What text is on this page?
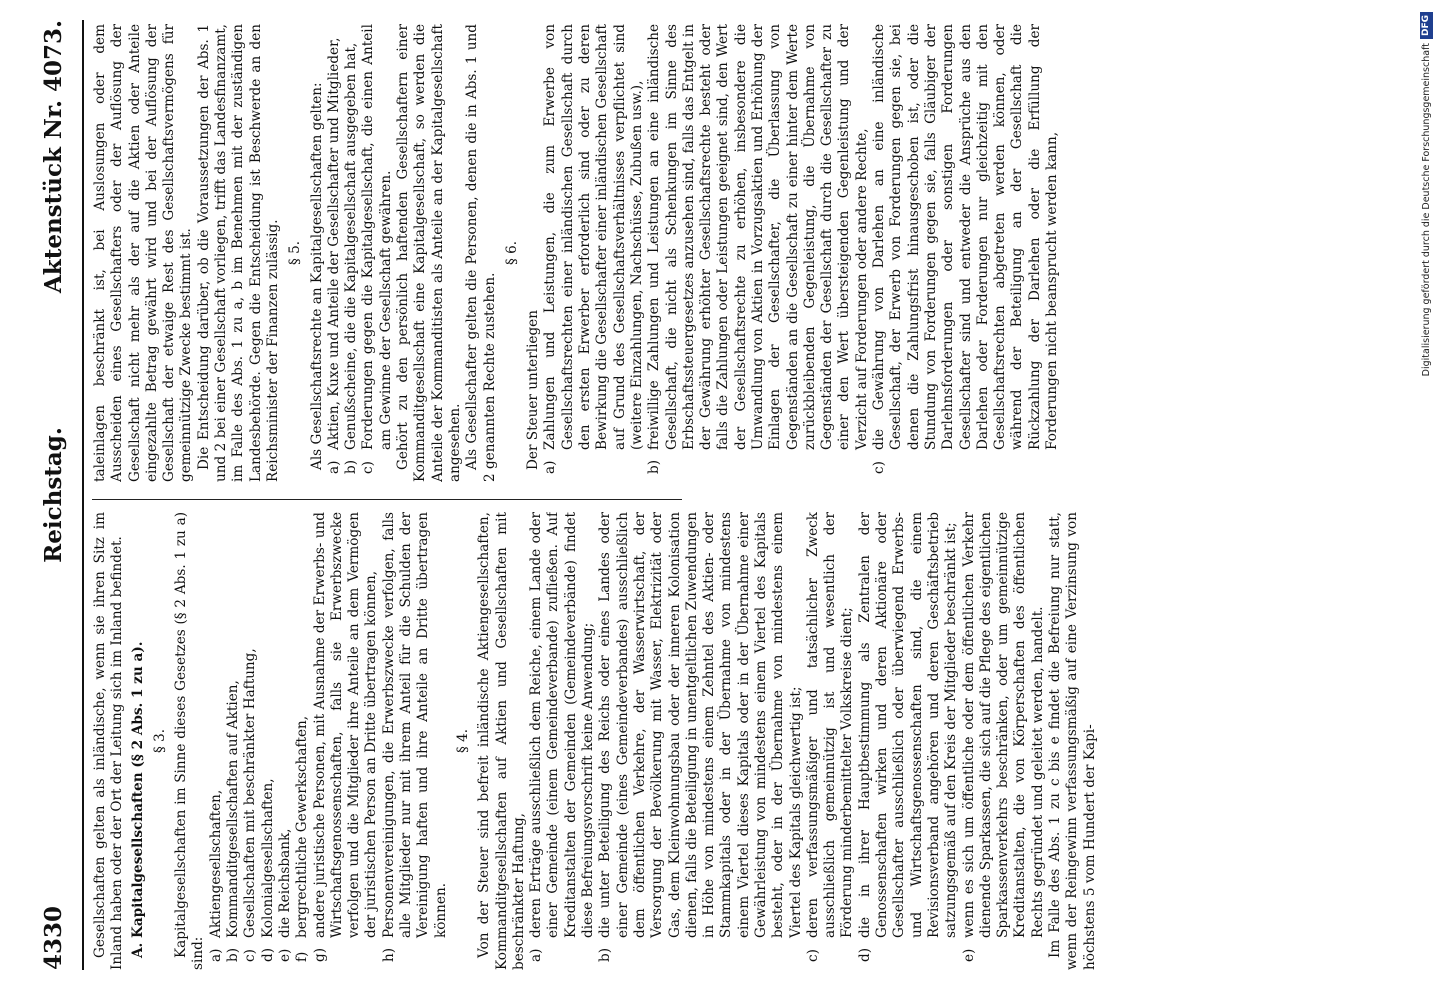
4330
Reichstag.
Aktenstück Nr. 4073.

Gesellschaften gelten als inländische, wenn sie ihren Sitz im Inland haben oder der Ort der Leitung sich im Inland befindet. A. Kapitalgesellschaften (§ 2 Abs. 1 zu a). § 3. Kapitalgesellschaften im Sinne dieses Gesetzes (§ 2 Abs. 1 zu a) sind: a)
Aktiengesellschaften,
b)
Kommanditgesellschaften auf Aktien,
c)
Gesellschaften mit beschränkter Haftung,
d)
Kolonialgesellschaften,
e)
die Reichsbank,
f)
bergrechtliche Gewerkschaften,
g)
andere juristische Personen, mit Ausnahme der Erwerbs- und Wirtschaftsgenossenschaften, falls sie Erwerbszwecke verfolgen und die Mitglieder ihre Anteile an dem Vermögen der juristischen Person an Dritte übertragen können,
h)
Personenvereinigungen, die Erwerbszwecke verfolgen, falls alle Mitglieder nur mit ihrem Anteil für die Schulden der Vereinigung haften und ihre Anteile an Dritte übertragen können.

§ 4. Von der Steuer sind befreit inländische Aktiengesellschaften, Kommanditgesellschaften auf Aktien und Gesellschaften mit beschränkter Haftung, a)
deren Erträge ausschließlich dem Reiche, einem Lande oder einer Gemeinde (einem Gemeindeverbande) zufließen. Auf Kreditanstalten der Gemeinden (Gemeindeverbände) findet diese Befreiungsvorschrift keine Anwendung;
b)
die unter Beteiligung des Reichs oder eines Landes oder einer Gemeinde (eines Gemeindeverbandes) ausschließlich dem öffentlichen Verkehre, der Wasserwirtschaft, der Versorgung der Bevölkerung mit Wasser, Elektrizität oder Gas, dem Kleinwohnungsbau oder der inneren Kolonisation dienen, falls die Beteiligung in unentgeltlichen Zuwendungen in Höhe von mindestens einem Zehntel des Aktien- oder Stammkapitals oder in der Übernahme von mindestens einem Viertel dieses Kapitals oder in der Übernahme einer Gewährleistung von mindestens einem Viertel des Kapitals besteht, oder in der Übernahme von mindestens einem Viertel des Kapitals gleichwertig ist;
c)
deren verfassungsmäßiger und tatsächlicher Zweck ausschließlich gemeinnützig ist und wesentlich der Förderung minderbemittelter Volkskreise dient;
d)
die in ihrer Hauptbestimmung als Zentralen der Genossenschaften wirken und deren Aktionäre oder Gesellschafter ausschließlich oder überwiegend Erwerbs- und Wirtschaftsgenossenschaften sind, die einem Revisionsverband angehören und deren Geschäftsbetrieb satzungsgemäß auf den Kreis der Mitglieder beschränkt ist;
e)
wenn es sich um öffentliche oder dem öffentlichen Verkehr dienende Sparkassen, die sich auf die Pflege des eigentlichen Sparkassenverkehrs beschränken, oder um gemeinnützige Kreditanstalten, die von Körperschaften des öffentlichen Rechts gegründet und geleitet werden, handelt. Im Falle des Abs. 1 zu c bis e findet die Befreiung nur statt, wenn der Reingewinn verfassungsmäßig auf eine Verzinsung von höchstens 5 vom Hundert der Kapi-

taleinlagen beschränkt ist, bei Auslosungen oder dem Ausscheiden eines Gesellschafters oder der Auflösung der Gesellschaft nicht mehr als der auf die Aktien oder Anteile eingezahlte Betrag gewährt wird und bei der Auflösung der Gesellschaft der etwaige Rest des Gesellschaftsvermögens für gemeinnützige Zwecke bestimmt ist. Die Entscheidung darüber, ob die Voraussetzungen der Abs. 1 und 2 bei einer Gesellschaft vorliegen, trifft das Landesfinanzamt, im Falle des Abs. 1 zu a, b im Benehmen mit der zuständigen Landesbehörde. Gegen die Entscheidung ist Beschwerde an den Reichsminister der Finanzen zulässig. § 5. Als Gesellschaftsrechte an Kapitalgesellschaften gelten: a)
Aktien, Kuxe und Anteile der Gesellschafter und Mitglieder,
b)
Genußscheine, die die Kapitalgesellschaft ausgegeben hat,
c)
Forderungen gegen die Kapitalgesellschaft, die einen Anteil am Gewinne der Gesellschaft gewähren. Gehört zu den persönlich haftenden Gesellschaftern einer Kommanditgesellschaft eine Kapitalgesellschaft, so werden die Anteile der Kommanditisten als Anteile an der Kapitalgesellschaft angesehen. Als Gesellschafter gelten die Personen, denen die in Abs. 1 und 2 genannten Rechte zustehen.

§ 6.

Der Steuer unterliegen a)
Zahlungen und Leistungen, die zum Erwerbe von Gesellschaftsrechten einer inländischen Gesellschaft durch den ersten Erwerber erforderlich sind oder zu deren Bewirkung die Gesellschafter einer inländischen Gesellschaft auf Grund des Gesellschaftsverhältnisses verpflichtet sind (weitere Einzahlungen, Nachschüsse, Zubußen usw.),
b)
freiwillige Zahlungen und Leistungen an eine inländische Gesellschaft, die nicht als Schenkungen im Sinne des Erbschaftssteuergesetzes anzusehen sind, falls das Entgelt in der Gewährung erhöhter Gesellschaftsrechte besteht oder falls die Zahlungen oder Leistungen geeignet sind, den Wert der Gesellschaftsrechte zu erhöhen, insbesondere die Umwandlung von Aktien in Vorzugsaktien und Erhöhung der Einlagen der Gesellschafter, die Überlassung von Gegenständen an die Gesellschaft zu einer hinter dem Werte zurückbleibenden Gegenleistung, die Übernahme von Gegenständen der Gesellschaft durch die Gesellschafter zu einer den Wert übersteigenden Gegenleistung und der Verzicht auf Forderungen oder andere Rechte,
c)
die Gewährung von Darlehen an eine inländische Gesellschaft, der Erwerb von Forderungen gegen sie, bei denen die Zahlungsfrist hinausgeschoben ist, oder die Stundung von Forderungen gegen sie, falls Gläubiger der Darlehnsforderungen oder sonstigen Forderungen Gesellschafter sind und entweder die Ansprüche aus den Darlehen oder Forderungen nur gleichzeitig mit den Gesellschaftsrechten abgetreten werden können, oder während der Beteiligung an der Gesellschaft die Rückzahlung der Darlehen oder die Erfüllung der Forderungen nicht beansprucht werden kann,	Digitalisierung gefördert durch die Deutsche Forschungsgemeinschaft
DFG
